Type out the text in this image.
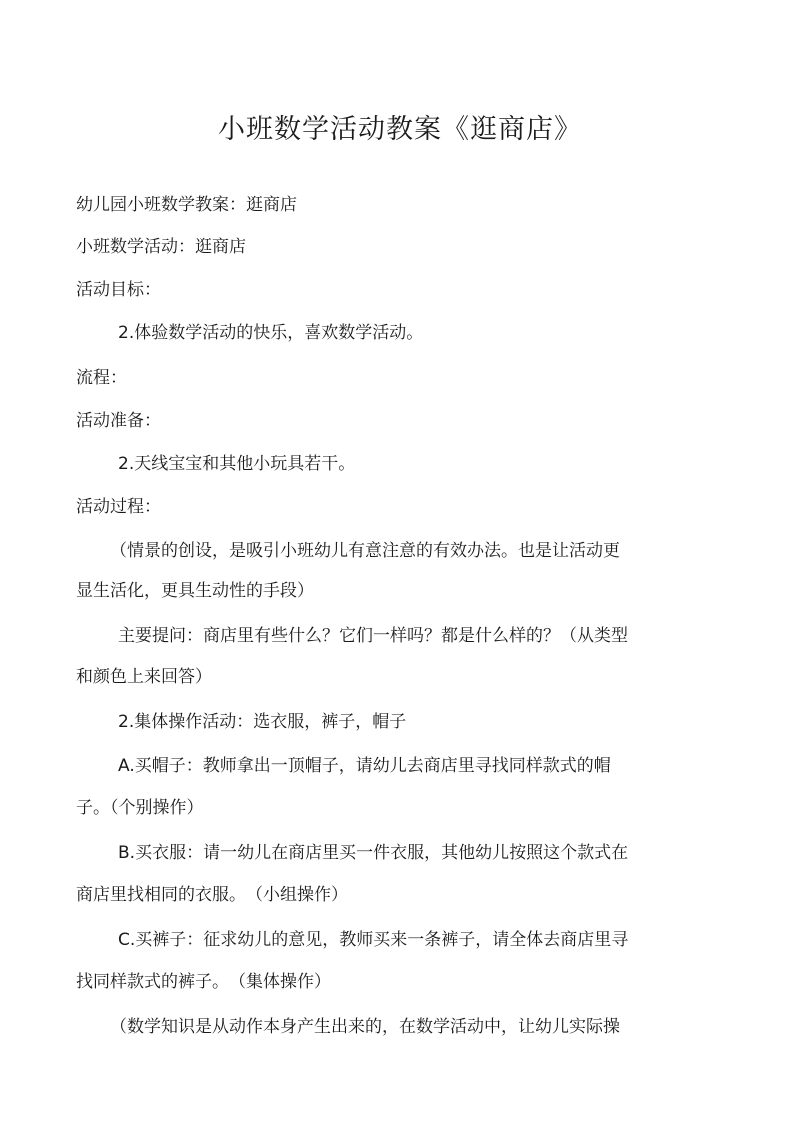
小班数学活动教案《逛商店》
幼儿园小班数学教案：逛商店
小班数学活动：逛商店
活动目标：
2.体验数学活动的快乐，喜欢数学活动。
流程：
活动准备：
2.天线宝宝和其他小玩具若干。
活动过程：
（情景的创设，是吸引小班幼儿有意注意的有效办法。也是让活动更
显生活化，更具生动性的手段）
主要提问：商店里有些什么？它们一样吗？都是什么样的？（从类型
和颜色上来回答）
2.集体操作活动：选衣服，裤子，帽子
A.买帽子：教师拿出一顶帽子，请幼儿去商店里寻找同样款式的帽
子。（个别操作）
B.买衣服：请一幼儿在商店里买一件衣服，其他幼儿按照这个款式在
商店里找相同的衣服。　（小组操作）
C.买裤子：征求幼儿的意见，教师买来一条裤子，请全体去商店里寻
找同样款式的裤子。　（集体操作）
（数学知识是从动作本身产生出来的，在数学活动中，让幼儿实际操
